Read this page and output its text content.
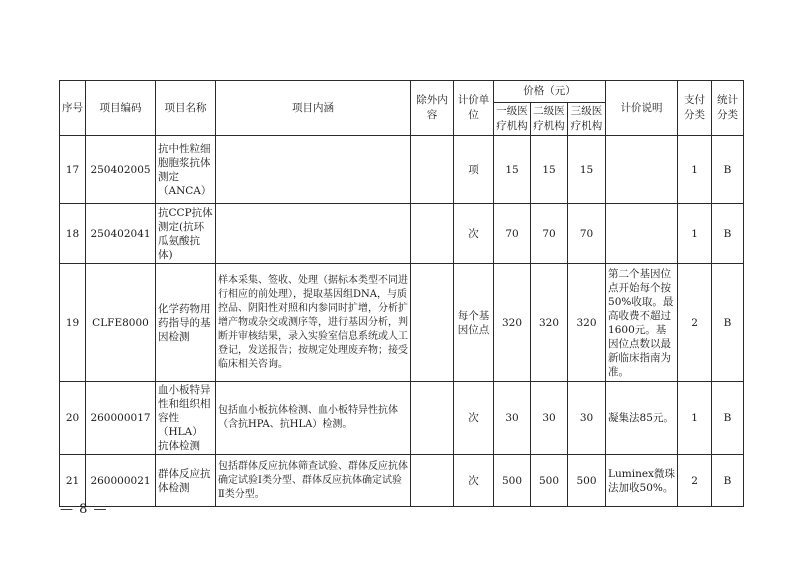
序号	项目编码	项目名称	项目内涵	除外内容	计价单位	价格（元）			计价说明	支付分类	统计分类
						一级医疗机构	二级医疗机构	三级医疗机构			
17	250402005	抗中性粒细胞胞浆抗体测定（ANCA）			项	15	15	15		1	B
18	250402041	抗CCP抗体测定(抗环瓜氨酸抗体)			次	70	70	70		1	B
19	CLFE8000	化学药物用药指导的基因检测	样本采集、签收、处理（据标本类型不同进行相应的前处理），提取基因组DNA，与质控品、阴阳性对照和内参同时扩增，分析扩增产物或杂交或测序等，进行基因分析，判断并审核结果，录入实验室信息系统或人工登记，发送报告；按规定处理废弃物；接受临床相关咨询。		每个基因位点	320	320	320	第二个基因位点开始每个按50%收取。最高收费不超过1600元。基因位点数以最新临床指南为准。	2	B
20	260000017	血小板特异性和组织相容性（HLA）抗体检测	包括血小板抗体检测、血小板特异性抗体（含抗HPA、抗HLA）检测。		次	30	30	30	凝集法85元。	1	B
21	260000021	群体反应抗体检测	包括群体反应抗体筛查试验、群体反应抗体确定试验Ⅰ类分型、群体反应抗体确定试验Ⅱ类分型。		次	500	500	500	Luminex微珠法加收50%。	2	B
— 8 —
